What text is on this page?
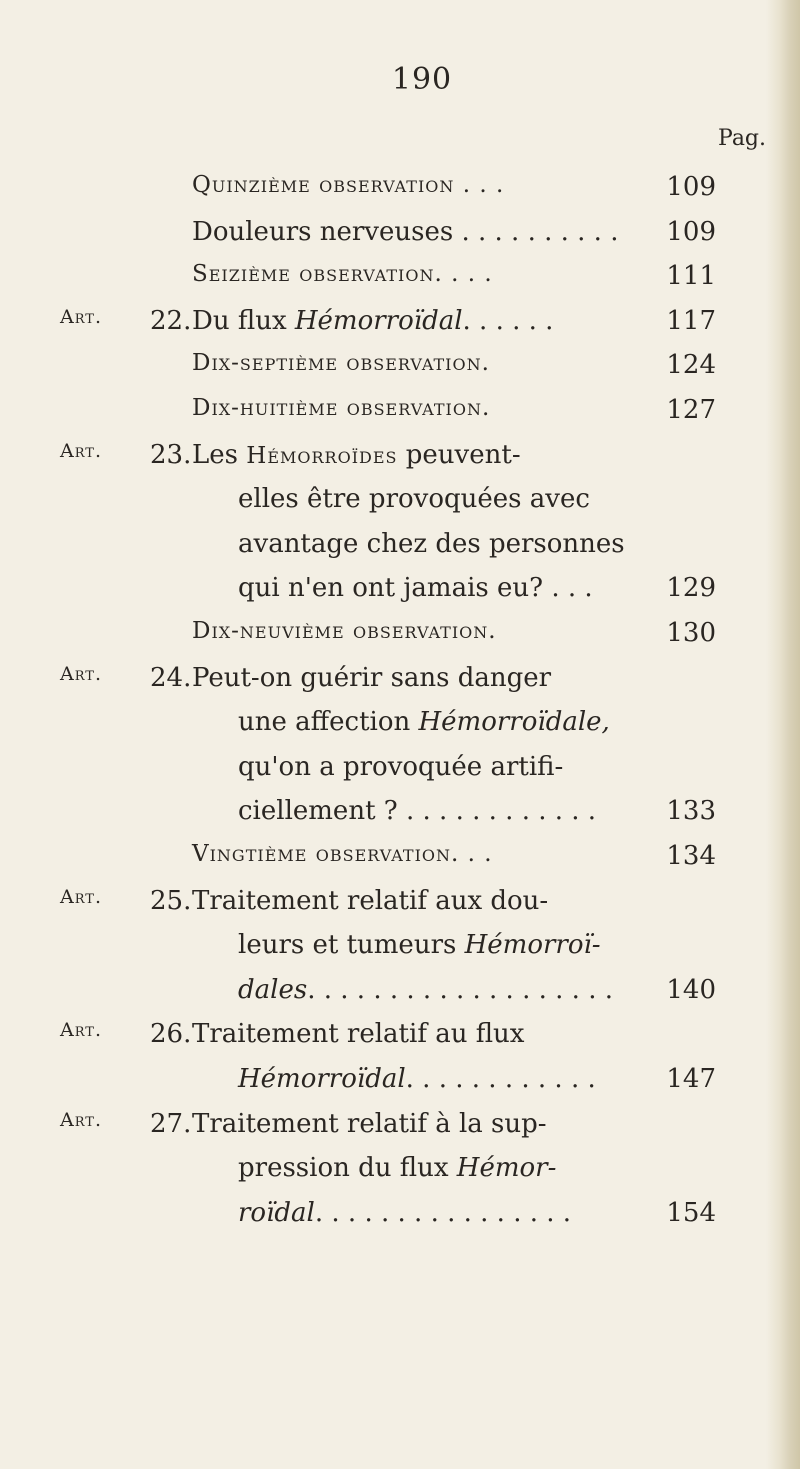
190
Pag.
Quinzième observation . . .	109
Douleurs nerveuses . . . . . . . . . . 109
Seizième observation. . . .	111
Art. 22. Du flux Hémorroïdal. . . . . .	117
Dix-septième observation.	124
Dix-huitième observation.	127
Art. 23. Les Hémorroïdes peuvent-
elles être provoquées avec
avantage chez des personnes
qui n'en ont jamais eu? . . .	129
Dix-neuvième observation.	130
Art. 24. Peut-on guérir sans danger
une affection Hémorroïdale,
qu'on a provoquée artifi-
ciellement ? . . . . . . . . . . . .	133
Vingtième observation. . .	134
Art. 25. Traitement relatif aux dou-
leurs et tumeurs Hémorroï-
dales. . . . . . . . . . . . . . . . . . . 140
Art. 26. Traitement relatif au flux
Hémorroïdal. . . . . . . . . . . .	147
Art. 27. Traitement relatif à la sup-
pression du flux Hémor-
roïdal. . . . . . . . . . . . . . . .	154
